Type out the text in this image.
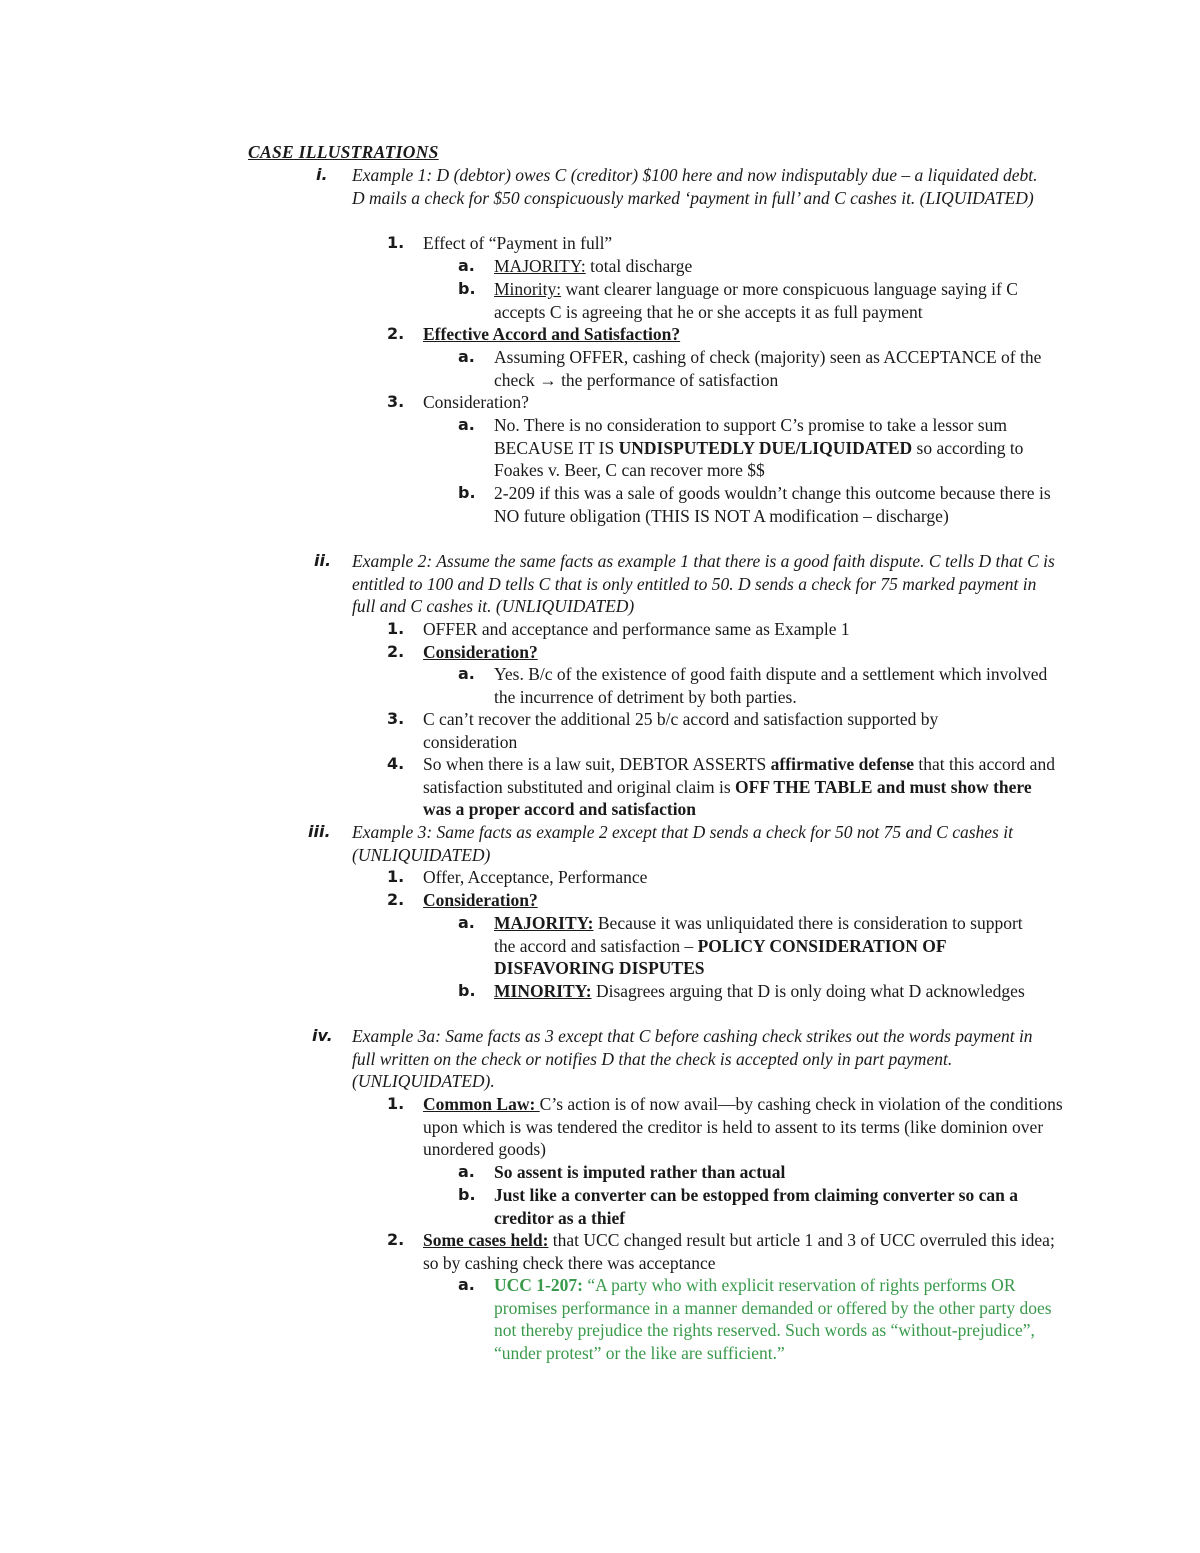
CASE ILLUSTRATIONS
i. Example 1: D (debtor) owes C (creditor) $100 here and now indisputably due – a liquidated debt. D mails a check for $50 conspicuously marked ‘payment in full’ and C cashes it. (LIQUIDATED)
1. Effect of “Payment in full”
a. MAJORITY: total discharge
b. Minority: want clearer language or more conspicuous language saying if C accepts C is agreeing that he or she accepts it as full payment
2. Effective Accord and Satisfaction?
a. Assuming OFFER, cashing of check (majority) seen as ACCEPTANCE of the check → the performance of satisfaction
3. Consideration?
a. No. There is no consideration to support C’s promise to take a lessor sum BECAUSE IT IS UNDISPUTEDLY DUE/LIQUIDATED so according to Foakes v. Beer, C can recover more $$
b. 2-209 if this was a sale of goods wouldn’t change this outcome because there is NO future obligation (THIS IS NOT A modification – discharge)
ii. Example 2: Assume the same facts as example 1 that there is a good faith dispute. C tells D that C is entitled to 100 and D tells C that is only entitled to 50. D sends a check for 75 marked payment in full and C cashes it. (UNLIQUIDATED)
1. OFFER and acceptance and performance same as Example 1
2. Consideration?
a. Yes. B/c of the existence of good faith dispute and a settlement which involved the incurrence of detriment by both parties.
3. C can’t recover the additional 25 b/c accord and satisfaction supported by consideration
4. So when there is a law suit, DEBTOR ASSERTS affirmative defense that this accord and satisfaction substituted and original claim is OFF THE TABLE and must show there was a proper accord and satisfaction
iii. Example 3: Same facts as example 2 except that D sends a check for 50 not 75 and C cashes it (UNLIQUIDATED)
1. Offer, Acceptance, Performance
2. Consideration?
a. MAJORITY: Because it was unliquidated there is consideration to support the accord and satisfaction – POLICY CONSIDERATION OF DISFAVORING DISPUTES
b. MINORITY: Disagrees arguing that D is only doing what D acknowledges
iv. Example 3a: Same facts as 3 except that C before cashing check strikes out the words payment in full written on the check or notifies D that the check is accepted only in part payment. (UNLIQUIDATED).
1. Common Law: C’s action is of now avail—by cashing check in violation of the conditions upon which is was tendered the creditor is held to assent to its terms (like dominion over unordered goods)
a. So assent is imputed rather than actual
b. Just like a converter can be estopped from claiming converter so can a creditor as a thief
2. Some cases held: that UCC changed result but article 1 and 3 of UCC overruled this idea; so by cashing check there was acceptance
a. UCC 1-207: “A party who with explicit reservation of rights performs OR promises performance in a manner demanded or offered by the other party does not thereby prejudice the rights reserved. Such words as “without-prejudice”, “under protest” or the like are sufficient.”
